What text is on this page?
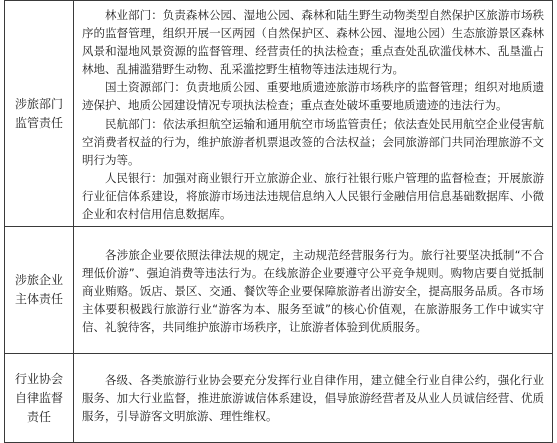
涉旅部门监管责任	林业部门：负责森林公园、湿地公园、森林和陆生野生动物类型自然保护区旅游市场秩序的监督管理，组织开展一区两园（自然保护区、森林公园、湿地公园）生态旅游景区森林风景和湿地风景资源的监督管理、经营责任的执法检查；重点查处乱砍滥伐林木、乱垦滥占林地、乱捕滥猎野生动物、乱采滥挖野生植物等违法违规行为。

国土资源部门：负责地质公园、重要地质遗迹旅游市场秩序的监督管理；组织对地质遗迹保护、地质公园建设情况专项执法检查；重点查处破坏重要地质遗迹的违法行为。

民航部门：依法承担航空运输和通用航空市场监管责任；依法查处民用航空企业侵害航空消费者权益的行为，维护旅游者机票退改签的合法权益；会同旅游部门共同治理旅游不文明行为等。

人民银行：加强对商业银行开立旅游企业、旅行社银行账户管理的监督检查；开展旅游行业征信体系建设，将旅游市场违法违规信息纳入人民银行金融信用信息基础数据库、小微企业和农村信用信息数据库。

涉旅企业主体责任	各涉旅企业要依照法律法规的规定，主动规范经营服务行为。旅行社要坚决抵制“不合理低价游”、强迫消费等违法行为。在线旅游企业要遵守公平竞争规则。购物店要自觉抵制商业贿赂。饭店、景区、交通、餐饮等企业要保障旅游者出游安全，提高服务品质。各市场主体要积极践行旅游行业“游客为本、服务至诚”的核心价值观，在旅游服务工作中诚实守信、礼貌待客，共同维护旅游市场秩序，让旅游者体验到优质服务。

行业协会自律监督责任	各级、各类旅游行业协会要充分发挥行业自律作用，建立健全行业自律公约，强化行业服务、加大行业监督，推进旅游诚信体系建设，倡导旅游经营者及从业人员诚信经营、优质服务，引导游客文明旅游、理性维权。
